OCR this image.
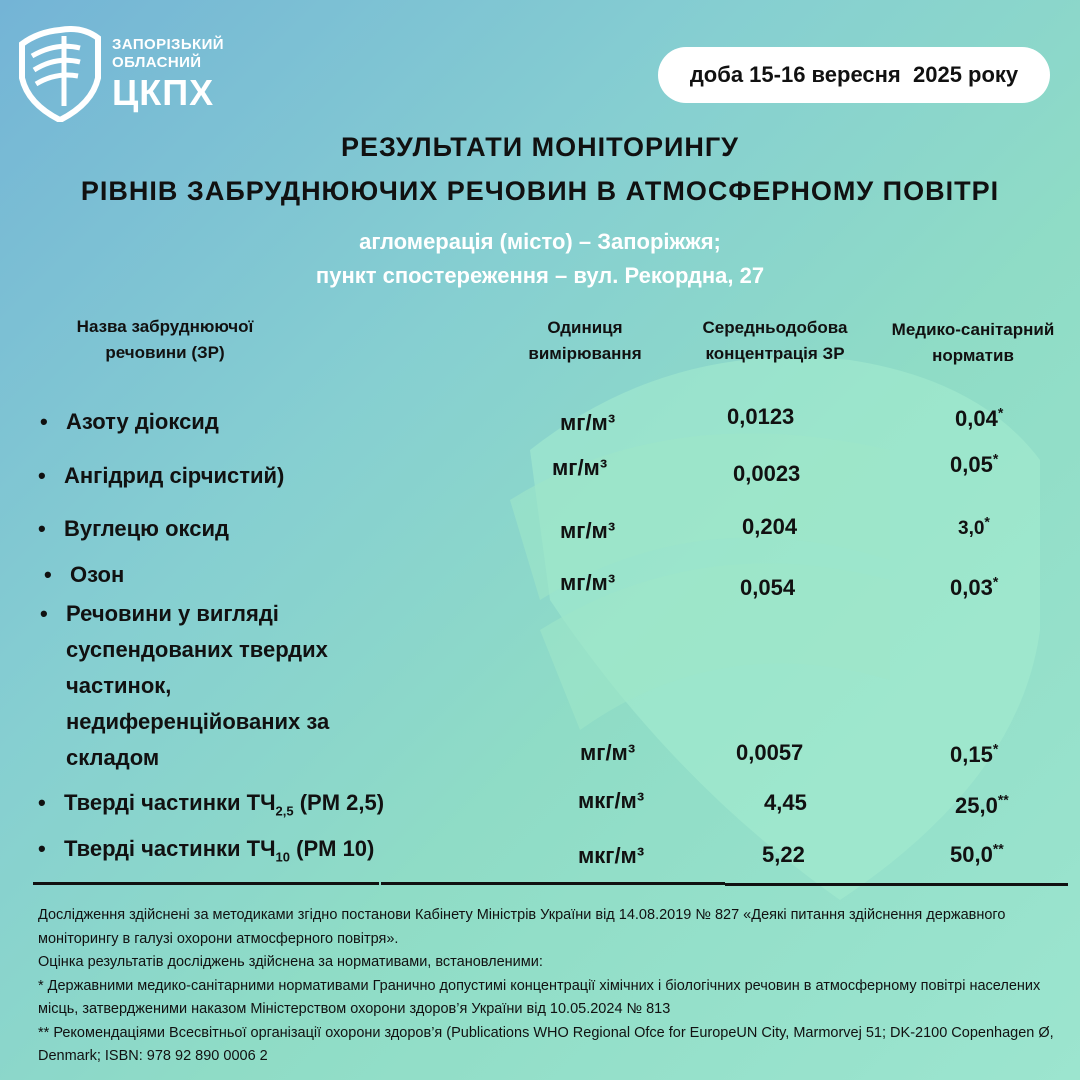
ЗАПОРІЗЬКИЙ
ОБЛАСНИЙ
ЦКПХ	доба 15-16 вересня  2025 року
РЕЗУЛЬТАТИ МОНІТОРИНГУ
РІВНІВ ЗАБРУДНЮЮЧИХ РЕЧОВИН В АТМОСФЕРНОМУ ПОВІТРІ
агломерація (місто) – Запоріжжя;
пункт спостереження – вул. Рекордна, 27
Назва забруднюючої
речовини (ЗР)
Одиниця
вимірювання
Середньодобова
концентрація ЗР
Медико-санітарний
норматив
• Азоту діоксид	мг/м³	0,0123	0,04*
• Ангідрид сірчистий)	мг/м³	0,0023	0,05*
• Вуглецю оксид	мг/м³	0,204	3,0*
• Озон	мг/м³	0,054	0,03*
• Речовини у вигляді
суспендованих твердих
частинок,
недиференційованих за
складом	мг/м³	0,0057	0,15*
• Тверді частинки $ТЧ_{2,5}$ (PM 2,5)	мкг/м³	4,45	25,0**
• Тверді частинки $ТЧ_{10}$ (PM 10)	мкг/м³	5,22	50,0**
Дослідження здійснені за методиками згідно постанови Кабінету Міністрів України від 14.08.2019 № 827 «Деякі питання здійснення державного моніторингу в галузі охорони атмосферного повітря».
Оцінка результатів досліджень здійснена за нормативами, встановленими:
* Державними медико-санітарними нормативами Гранично допустимі концентрації хімічних і біологічних речовин в атмосферному повітрі населених місць, затвердженими наказом Міністерством охорони здоров’я України від 10.05.2024 № 813
** Рекомендаціями Всесвітньої організації охорони здоров’я (Publications WHO Regional Ofce for EuropeUN City, Marmorvej 51; DK-2100 Copenhagen Ø, Denmark; ISBN: 978 92 890 0006 2
